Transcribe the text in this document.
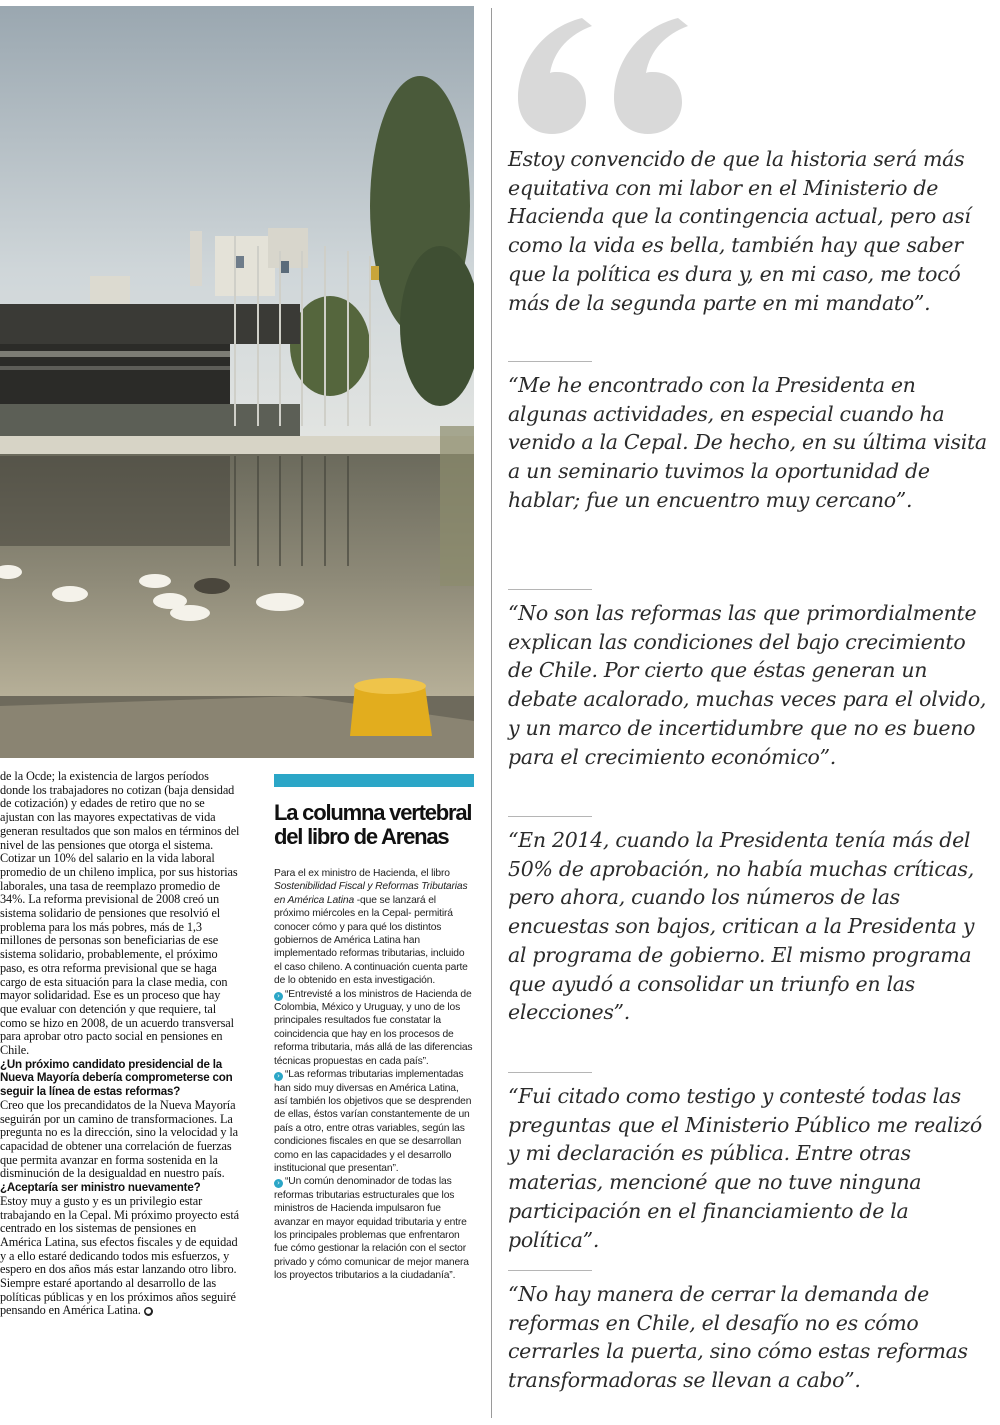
de la Ocde; la existencia de largos períodos donde los trabajadores no cotizan (baja densidad de cotización) y edades de retiro que no se ajustan con las mayores expectativas de vida generan resultados que son malos en términos del nivel de las pensiones que otorga el sistema. Cotizar un 10% del salario en la vida laboral promedio de un chileno implica, por sus historias laborales, una tasa de reemplazo promedio de 34%. La reforma previsional de 2008 creó un sistema solidario de pensiones que resolvió el problema para los más pobres, más de 1,3 millones de personas son beneficiarias de ese sistema solidario, probablemente, el próximo paso, es otra reforma previsional que se haga cargo de esta situación para la clase media, con mayor solidaridad. Ese es un proceso que hay que evaluar con detención y que requiere, tal como se hizo en 2008, de un acuerdo transversal para aprobar otro pacto social en pensiones en Chile.

¿Un próximo candidato presidencial de la Nueva Mayoría debería comprometerse con seguir la línea de estas reformas?

Creo que los precandidatos de la Nueva Mayoría seguirán por un camino de transformaciones. La pregunta no es la dirección, sino la velocidad y la capacidad de obtener una correlación de fuerzas que permita avanzar en forma sostenida en la disminución de la desigualdad en nuestro país.

¿Aceptaría ser ministro nuevamente?

Estoy muy a gusto y es un privilegio estar trabajando en la Cepal. Mi próximo proyecto está centrado en los sistemas de pensiones en América Latina, sus efectos fiscales y de equidad y a ello estaré dedicando todos mis esfuerzos, y espero en dos años más estar lanzando otro libro. Siempre estaré aportando al desarrollo de las políticas públicas y en los próximos años seguiré pensando en América Latina. ●

La columna vertebral del libro de Arenas

Para el ex ministro de Hacienda, el libro Sostenibilidad Fiscal y Reformas Tributarias en América Latina -que se lanzará el próximo miércoles en la Cepal- permitirá conocer cómo y para qué los distintos gobiernos de América Latina han implementado reformas tributarias, incluido el caso chileno. A continuación cuenta parte de lo obtenido en esta investigación.

› “Entrevisté a los ministros de Hacienda de Colombia, México y Uruguay, y uno de los principales resultados fue constatar la coincidencia que hay en los procesos de reforma tributaria, más allá de las diferencias técnicas propuestas en cada país”.

› “Las reformas tributarias implementadas han sido muy diversas en América Latina, así también los objetivos que se desprenden de ellas, éstos varían constantemente de un país a otro, entre otras variables, según las condiciones fiscales en que se desarrollan como en las capacidades y el desarrollo institucional que presentan”.

› “Un común denominador de todas las reformas tributarias estructurales que los ministros de Hacienda impulsaron fue avanzar en mayor equidad tributaria y entre los principales problemas que enfrentaron fue cómo gestionar la relación con el sector privado y cómo comunicar de mejor manera los proyectos tributarios a la ciudadanía”.

Estoy convencido de que la historia será más equitativa con mi labor en el Ministerio de Hacienda que la contingencia actual, pero así como la vida es bella, también hay que saber que la política es dura y, en mi caso, me tocó más de la segunda parte en mi mandato”.

“Me he encontrado con la Presidenta en algunas actividades, en especial cuando ha venido a la Cepal. De hecho, en su última visita a un seminario tuvimos la oportunidad de hablar; fue un encuentro muy cercano”.

“No son las reformas las que primordialmente explican las condiciones del bajo crecimiento de Chile. Por cierto que éstas generan un debate acalorado, muchas veces para el olvido, y un marco de incertidumbre que no es bueno para el crecimiento económico”.

“En 2014, cuando la Presidenta tenía más del 50% de aprobación, no había muchas críticas, pero ahora, cuando los números de las encuestas son bajos, critican a la Presidenta y al programa de gobierno. El mismo programa que ayudó a consolidar un triunfo en las elecciones”.

“Fui citado como testigo y contesté todas las preguntas que el Ministerio Público me realizó y mi declaración es pública. Entre otras materias, mencioné que no tuve ninguna participación en el financiamiento de la política”.

“No hay manera de cerrar la demanda de reformas en Chile, el desafío no es cómo cerrarles la puerta, sino cómo estas reformas transformadoras se llevan a cabo”.
